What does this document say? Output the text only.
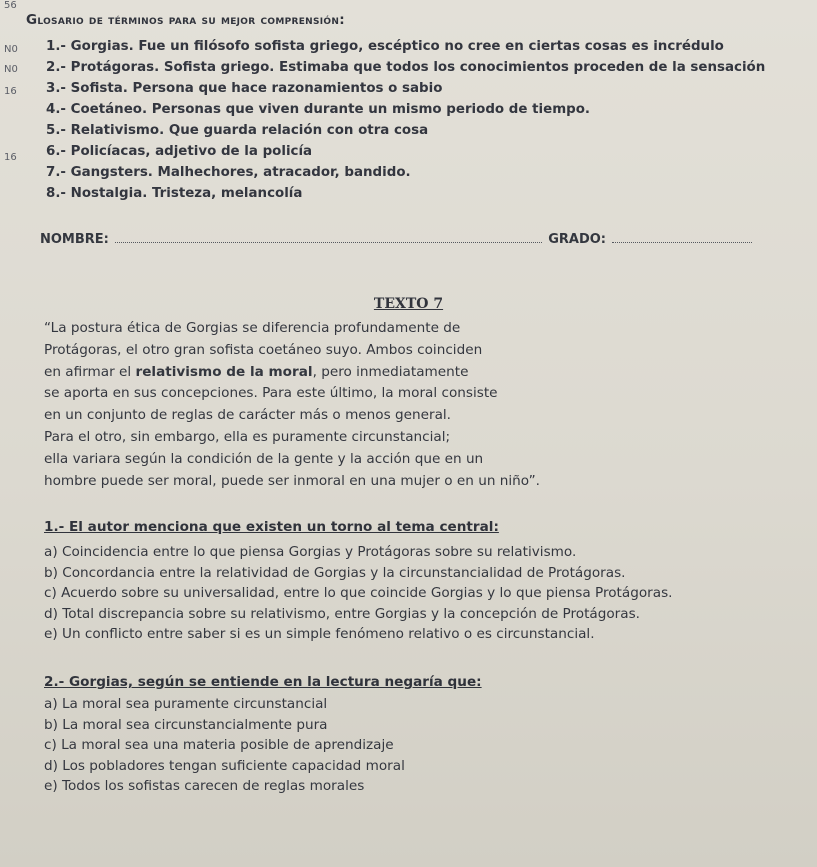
56
N0
N0
16
16
Glosario de términos para su mejor comprensión:
1.- Gorgias. Fue un filósofo sofista griego, escéptico no cree en ciertas cosas es incrédulo
2.- Protágoras. Sofista griego. Estimaba que todos los conocimientos proceden de la sensación
3.- Sofista. Persona que hace razonamientos o sabio
4.- Coetáneo. Personas que viven durante un mismo periodo de tiempo.
5.- Relativismo. Que guarda relación con otra cosa
6.- Policíacas, adjetivo de la policía
7.- Gangsters. Malhechores, atracador, bandido.
8.- Nostalgia. Tristeza, melancolía
NOMBRE:	GRADO:
TEXTO 7

“La postura ética de Gorgias se diferencia profundamente de
Protágoras, el otro gran sofista coetáneo suyo. Ambos coinciden
en afirmar el relativismo de la moral, pero inmediatamente
se aporta en sus concepciones. Para este último, la moral consiste
en un conjunto de reglas de carácter más o menos general.
Para el otro, sin embargo, ella es puramente circunstancial;
ella variara según la condición de la gente y la acción que en un
hombre puede ser moral, puede ser inmoral en una mujer o en un niño”.

1.- El autor menciona que existen un torno al tema central:

a) Coincidencia entre lo que piensa Gorgias y Protágoras sobre su relativismo.
b) Concordancia entre la relatividad de Gorgias y la circunstancialidad de Protágoras.
c) Acuerdo sobre su universalidad, entre lo que coincide Gorgias y lo que piensa Protágoras.
d) Total discrepancia sobre su relativismo, entre Gorgias y la concepción de Protágoras.
e) Un conflicto entre saber si es un simple fenómeno relativo o es circunstancial.

2.- Gorgias, según se entiende en la lectura negaría que:

a) La moral sea puramente circunstancial
b) La moral sea circunstancialmente pura
c) La moral sea una materia posible de aprendizaje
d) Los pobladores tengan suficiente capacidad moral
e) Todos los sofistas carecen de reglas morales
